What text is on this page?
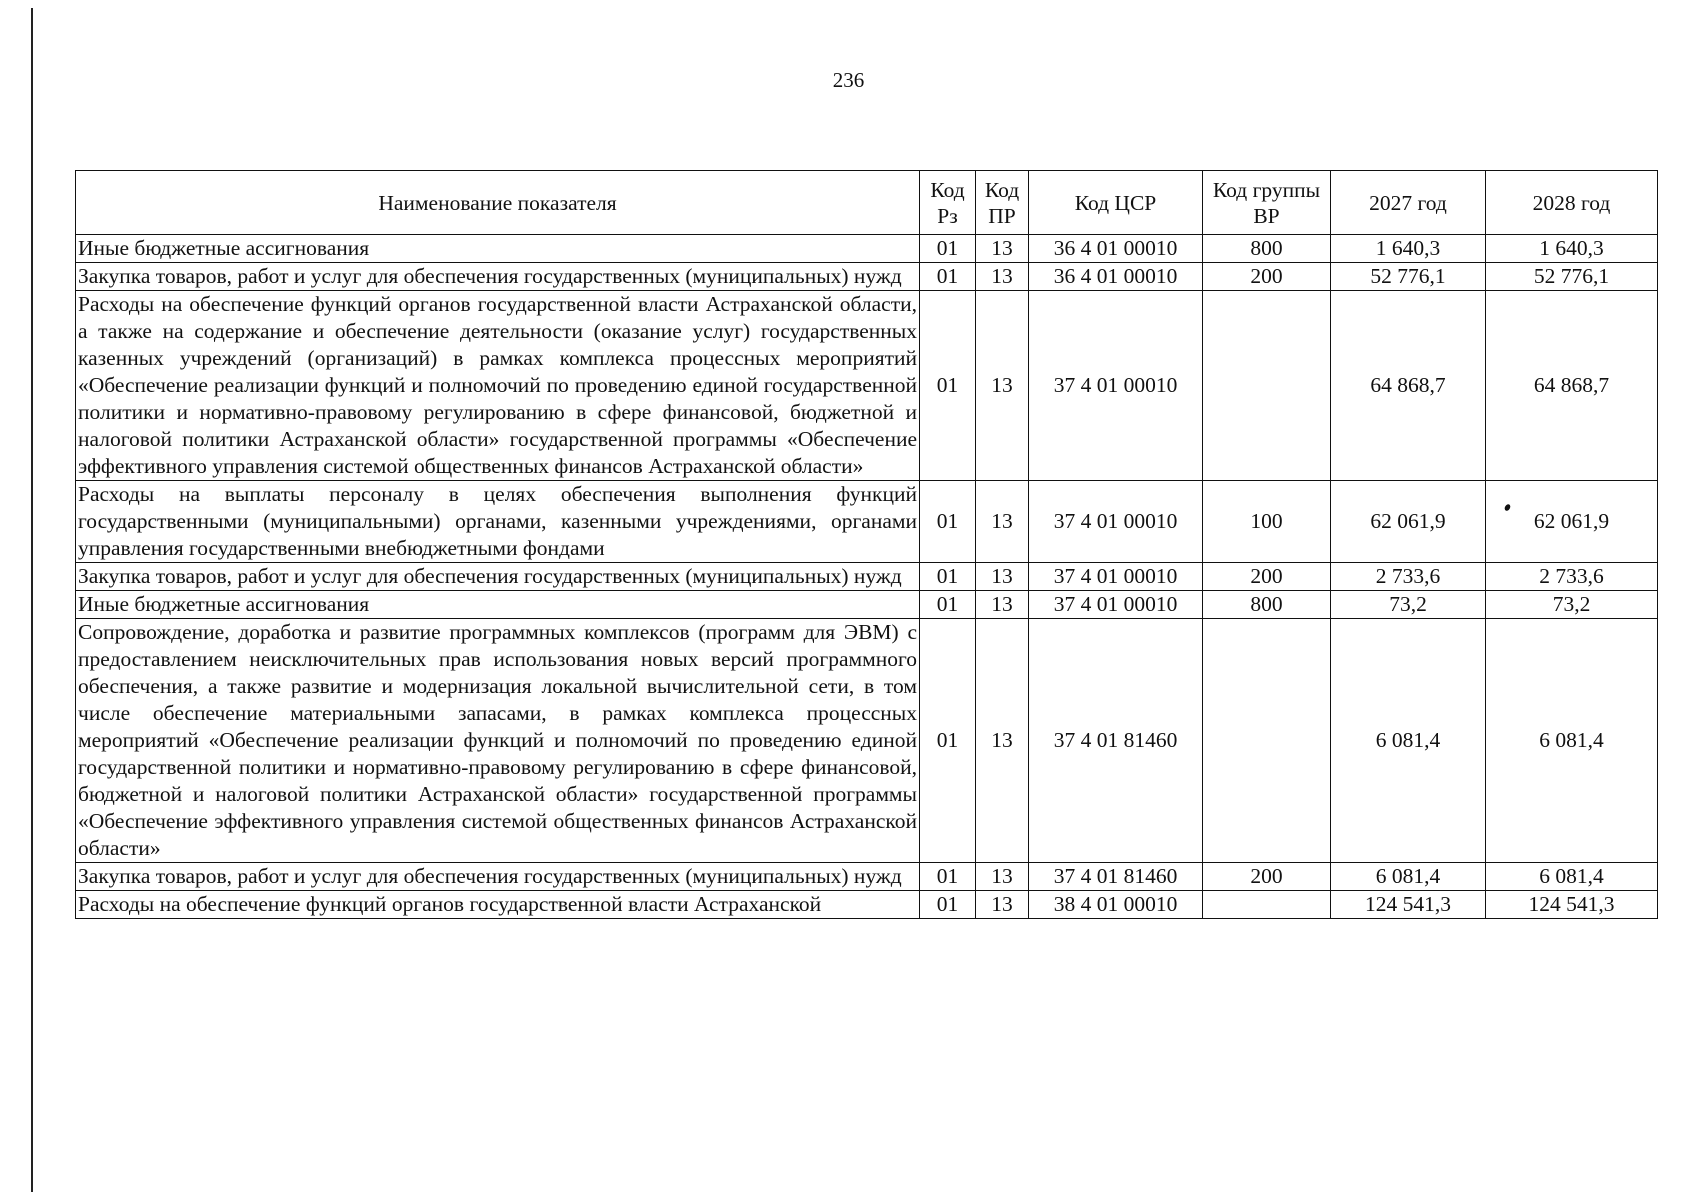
236
Наименование показателя	Код Рз	Код ПР	Код ЦСР	Код группы ВР	2027 год	2028 год
Иные бюджетные ассигнования	01	13	36 4 01 00010	800	1 640,3	1 640,3
Закупка товаров, работ и услуг для обеспечения государственных (муниципальных) нужд	01	13	36 4 01 00010	200	52 776,1	52 776,1
Расходы на обеспечение функций органов государственной власти Астраханской области, а также на содержание и обеспечение деятельности (оказание услуг) государственных казенных учреждений (организаций) в рамках комплекса процессных мероприятий «Обеспечение реализации функций и полномочий по проведению единой государственной политики и нормативно-правовому регулированию в сфере финансовой, бюджетной и налоговой политики Астраханской области» государственной программы «Обеспечение эффективного управления системой общественных финансов Астраханской области»	01	13	37 4 01 00010		64 868,7	64 868,7
Расходы на выплаты персоналу в целях обеспечения выполнения функций государственными (муниципальными) органами, казенными учреждениями, органами управления государственными внебюджетными фондами	01	13	37 4 01 00010	100	62 061,9	62 061,9
Закупка товаров, работ и услуг для обеспечения государственных (муниципальных) нужд	01	13	37 4 01 00010	200	2 733,6	2 733,6
Иные бюджетные ассигнования	01	13	37 4 01 00010	800	73,2	73,2
Сопровождение, доработка и развитие программных комплексов (программ для ЭВМ) с предоставлением неисключительных прав использования новых версий программного обеспечения, а также развитие и модернизация локальной вычислительной сети, в том числе обеспечение материальными запасами, в рамках комплекса процессных мероприятий «Обеспечение реализации функций и полномочий по проведению единой государственной политики и нормативно-правовому регулированию в сфере финансовой, бюджетной и налоговой политики Астраханской области» государственной программы «Обеспечение эффективного управления системой общественных финансов Астраханской области»	01	13	37 4 01 81460		6 081,4	6 081,4
Закупка товаров, работ и услуг для обеспечения государственных (муниципальных) нужд	01	13	37 4 01 81460	200	6 081,4	6 081,4
Расходы на обеспечение функций органов государственной власти Астраханской	01	13	38 4 01 00010		124 541,3	124 541,3
